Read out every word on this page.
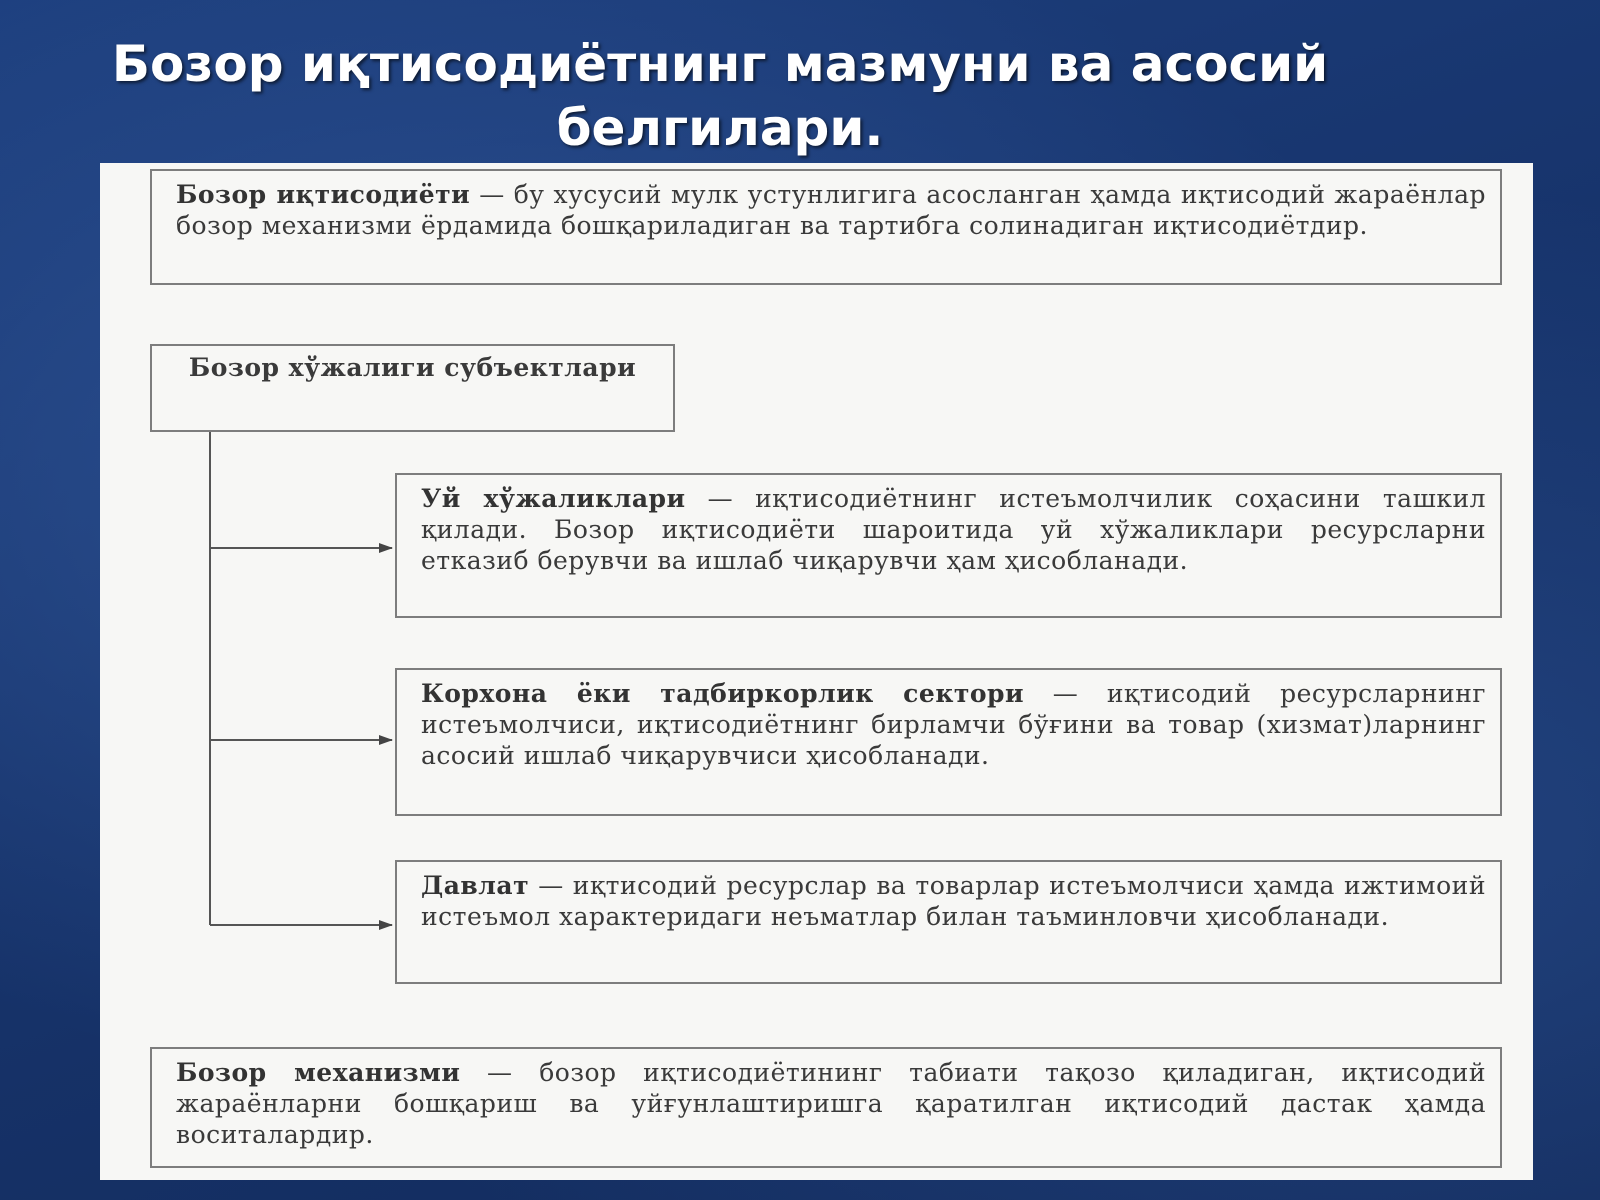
Бозор иқтисодиётнинг мазмуни ва асосий белгилари.
Бозор иқтисодиёти — бу хусусий мулк устунлигига асосланган ҳамда иқтисодий жараёнлар бозор механизми ёрдамида бошқариладиган ва тартибга солинадиган иқтисодиётдир.
Бозор хўжалиги субъектлари
Уй хўжаликлари — иқтисодиётнинг истеъмолчилик соҳасини ташкил қилади. Бозор иқтисодиёти шароитида уй хўжаликлари ресурсларни етказиб берувчи ва ишлаб чиқарувчи ҳам ҳисобланади.
Корхона ёки тадбиркорлик сектори — иқтисодий ресурсларнинг истеъмолчиси, иқтисодиётнинг бирламчи бўғини ва товар (хизмат)ларнинг асосий ишлаб чиқарувчиси ҳисобланади.
Давлат — иқтисодий ресурслар ва товарлар истеъмолчиси ҳамда ижтимоий истеъмол характеридаги неъматлар билан таъминловчи ҳисобланади.
Бозор механизми — бозор иқтисодиётининг табиати тақозо қиладиган, иқтисодий жараёнларни бошқариш ва уйғунлаштиришга қаратилган иқтисодий дастак ҳамда воситалардир.
